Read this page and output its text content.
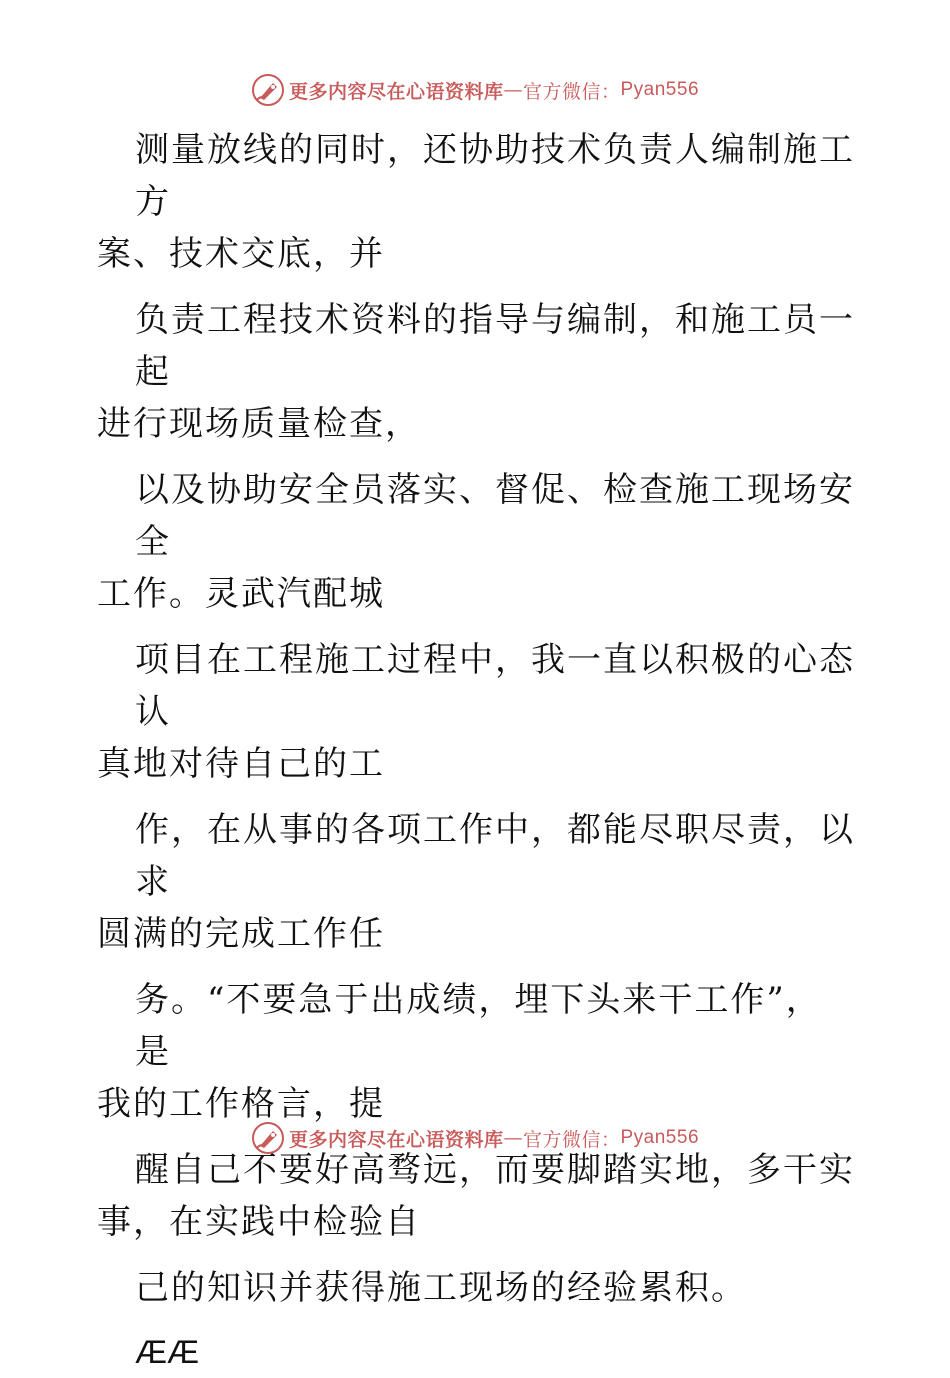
更多内容尽在心语资料库 — 官方微信： Pyan556
测量放线的同时，还协助技术负责人编制施工方
案、技术交底，并
负责工程技术资料的指导与编制，和施工员一起
进行现场质量检查，
以及协助安全员落实、督促、检查施工现场安全
工作。灵武汽配城
项目在工程施工过程中，我一直以积极的心态认
真地对待自己的工
作，在从事的各项工作中，都能尽职尽责，以求
圆满的完成工作任
务。“不要急于出成绩，埋下头来干工作”，是
我的工作格言，提
醒自己不要好高骛远，而要脚踏实地，多干实
事，在实践中检验自
己的知识并获得施工现场的经验累积。
ÆÆ
更多内容尽在心语资料库 — 官方微信： Pyan556
